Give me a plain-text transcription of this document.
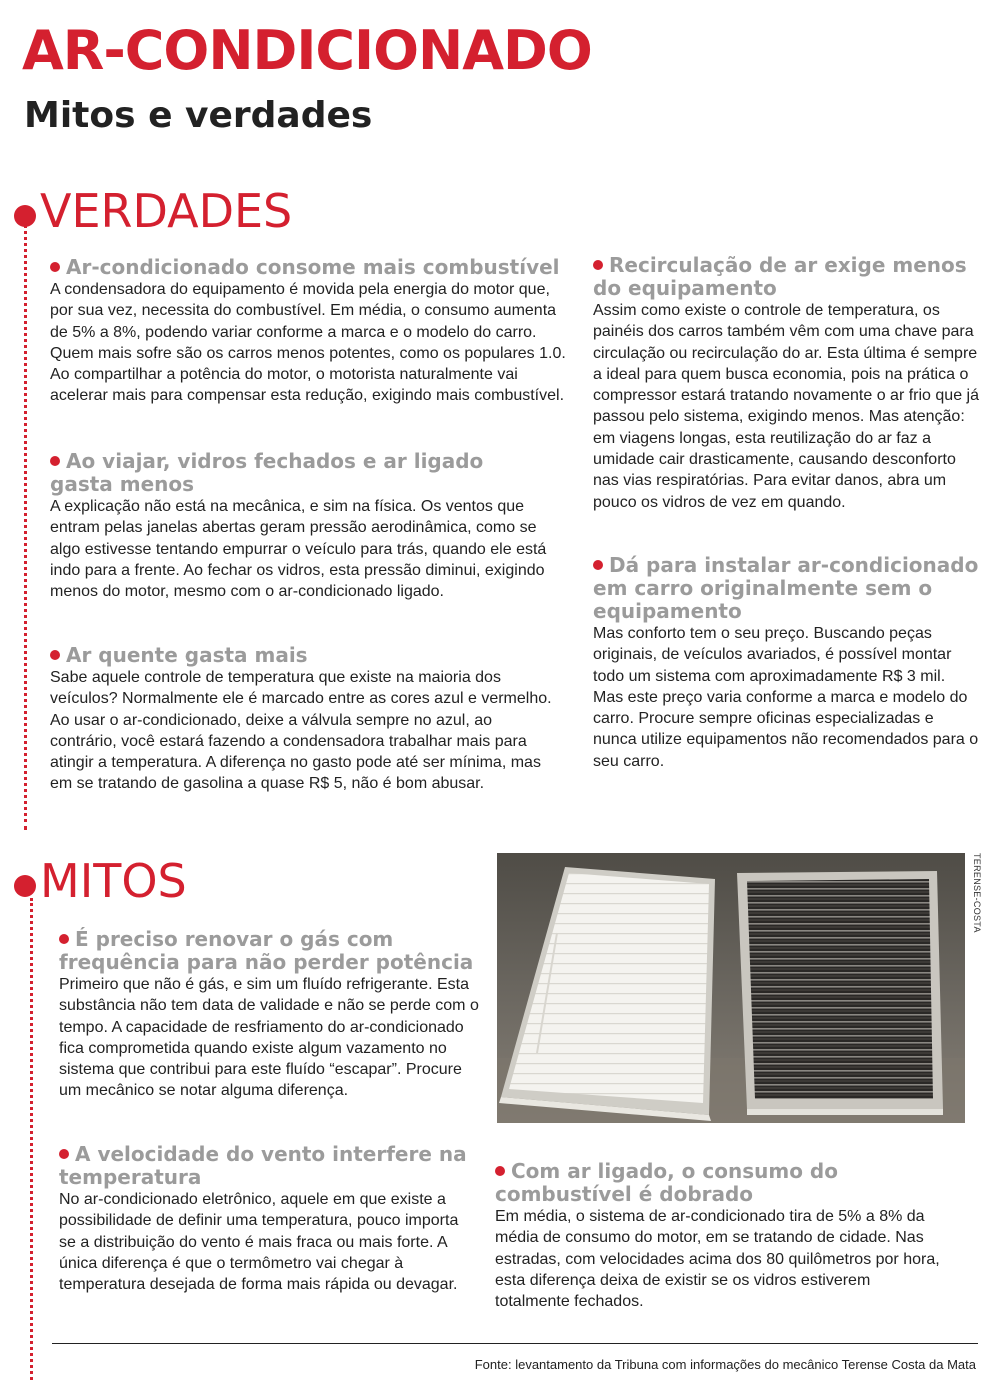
AR-CONDICIONADO
Mitos e verdades
VERDADES
Ar-condicionado consome mais combustível

A condensadora do equipamento é movida pela energia do motor que, por sua vez, necessita do combustível. Em média, o consumo aumenta de 5% a 8%, podendo variar conforme a marca e o modelo do carro. Quem mais sofre são os carros menos potentes, como os populares 1.0. Ao compartilhar a potência do motor, o motorista naturalmente vai acelerar mais para compensar esta redução, exigindo mais combustível.

Ao viajar, vidros fechados e ar ligado gasta menos

A explicação não está na mecânica, e sim na física. Os ventos que entram pelas janelas abertas geram pressão aerodinâmica, como se algo estivesse tentando empurrar o veículo para trás, quando ele está indo para a frente. Ao fechar os vidros, esta pressão diminui, exigindo menos do motor, mesmo com o ar-condicionado ligado.

Ar quente gasta mais

Sabe aquele controle de temperatura que existe na maioria dos veículos? Normalmente ele é marcado entre as cores azul e vermelho. Ao usar o ar-condicionado, deixe a válvula sempre no azul, ao contrário, você estará fazendo a condensadora trabalhar mais para atingir a temperatura. A diferença no gasto pode até ser mínima, mas em se tratando de gasolina a quase R$ 5, não é bom abusar.

Recirculação de ar exige menos do equipamento

Assim como existe o controle de temperatura, os painéis dos carros também vêm com uma chave para circulação ou recirculação do ar. Esta última é sempre a ideal para quem busca economia, pois na prática o compressor estará tratando novamente o ar frio que já passou pelo sistema, exigindo menos. Mas atenção: em viagens longas, esta reutilização do ar faz a umidade cair drasticamente, causando desconforto nas vias respiratórias. Para evitar danos, abra um pouco os vidros de vez em quando.

Dá para instalar ar-condicionado em carro originalmente sem o equipamento

Mas conforto tem o seu preço. Buscando peças originais, de veículos avariados, é possível montar todo um sistema com aproximadamente R$ 3 mil. Mas este preço varia conforme a marca e modelo do carro. Procure sempre oficinas especializadas e nunca utilize equipamentos não recomendados para o seu carro.

MITOS
É preciso renovar o gás com frequência para não perder potência

Primeiro que não é gás, e sim um fluído refrigerante. Esta substância não tem data de validade e não se perde com o tempo. A capacidade de resfriamento do ar-condicionado fica comprometida quando existe algum vazamento no sistema que contribui para este fluído “escapar”. Procure um mecânico se notar alguma diferença.

A velocidade do vento interfere na temperatura

No ar-condicionado eletrônico, aquele em que existe a possibilidade de definir uma temperatura, pouco importa se a distribuição do vento é mais fraca ou mais forte. A única diferença é que o termômetro vai chegar à temperatura desejada de forma mais rápida ou devagar.

Com ar ligado, o consumo do combustível é dobrado

Em média, o sistema de ar-condicionado tira de 5% a 8% da média de consumo do motor, em se tratando de cidade. Nas estradas, com velocidades acima dos 80 quilômetros por hora, esta diferença deixa de existir se os vidros estiverem totalmente fechados.

TERENSE-COSTA
Fonte: levantamento da Tribuna com informações do mecânico Terense Costa da Mata
